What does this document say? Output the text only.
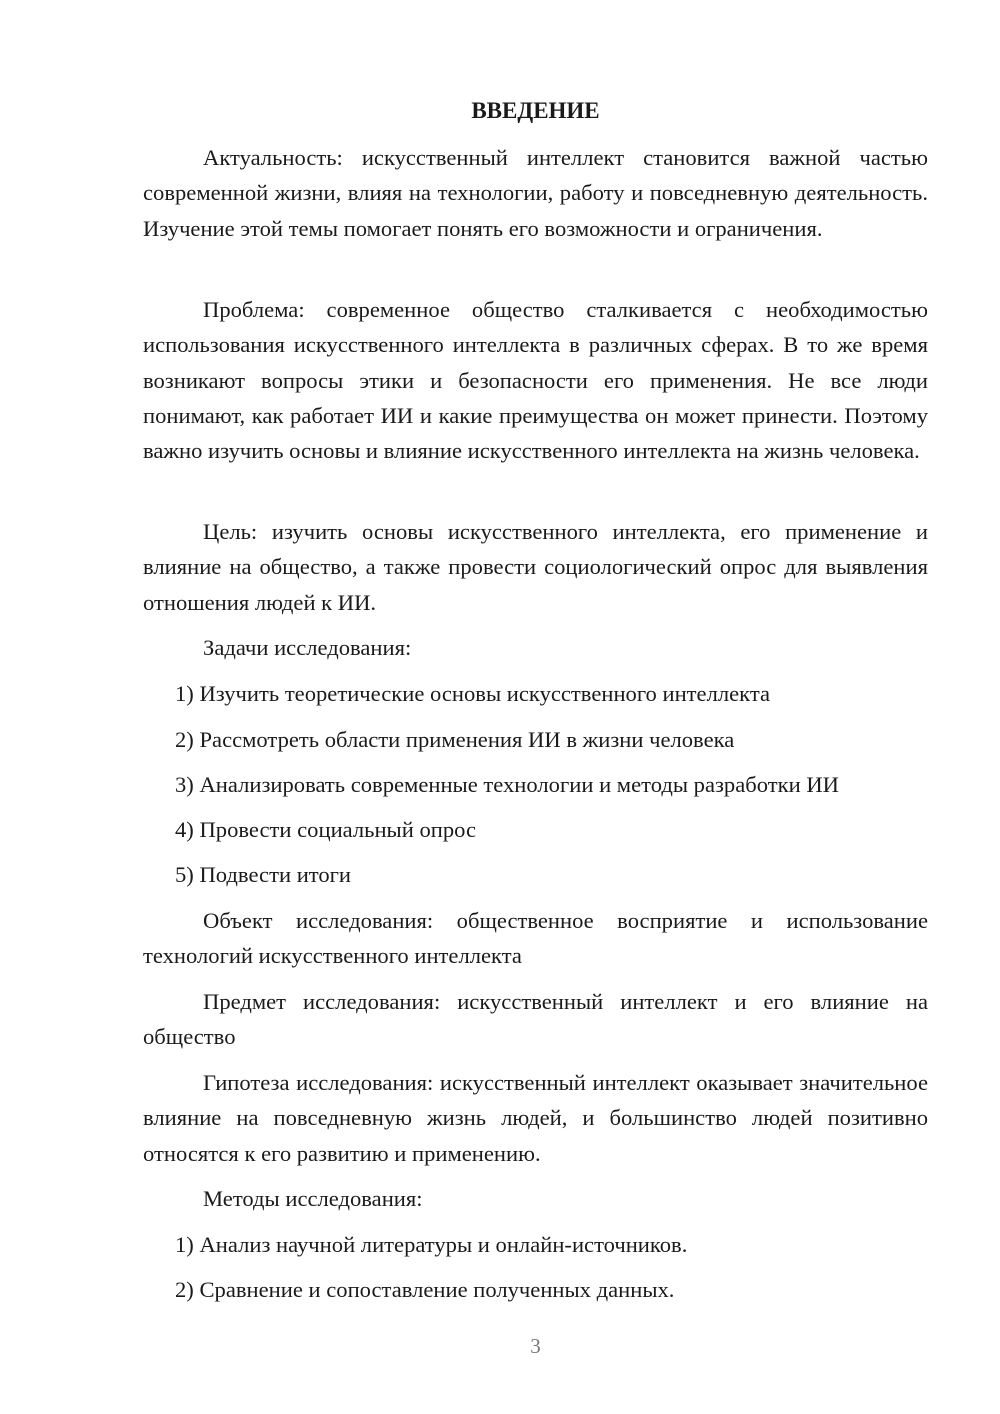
ВВЕДЕНИЕ

Актуальность: искусственный интеллект становится важной частью современной жизни, влияя на технологии, работу и повседневную деятельность. Изучение этой темы помогает понять его возможности и ограничения.

Проблема: современное общество сталкивается с необходимостью использования искусственного интеллекта в различных сферах. В то же время возникают вопросы этики и безопасности его применения. Не все люди понимают, как работает ИИ и какие преимущества он может принести. Поэтому важно изучить основы и влияние искусственного интеллекта на жизнь человека.

Цель: изучить основы искусственного интеллекта, его применение и влияние на общество, а также провести социологический опрос для выявления отношения людей к ИИ.

Задачи исследования:
1) Изучить теоретические основы искусственного интеллекта
2) Рассмотреть области применения ИИ в жизни человека
3) Анализировать современные технологии и методы разработки ИИ
4) Провести социальный опрос
5) Подвести итоги

Объект исследования: общественное восприятие и использование технологий искусственного интеллекта

Предмет исследования: искусственный интеллект и его влияние на общество

Гипотеза исследования: искусственный интеллект оказывает значительное влияние на повседневную жизнь людей, и большинство людей позитивно относятся к его развитию и применению.

Методы исследования:
1) Анализ научной литературы и онлайн-источников.
2) Сравнение и сопоставление полученных данных.
3
